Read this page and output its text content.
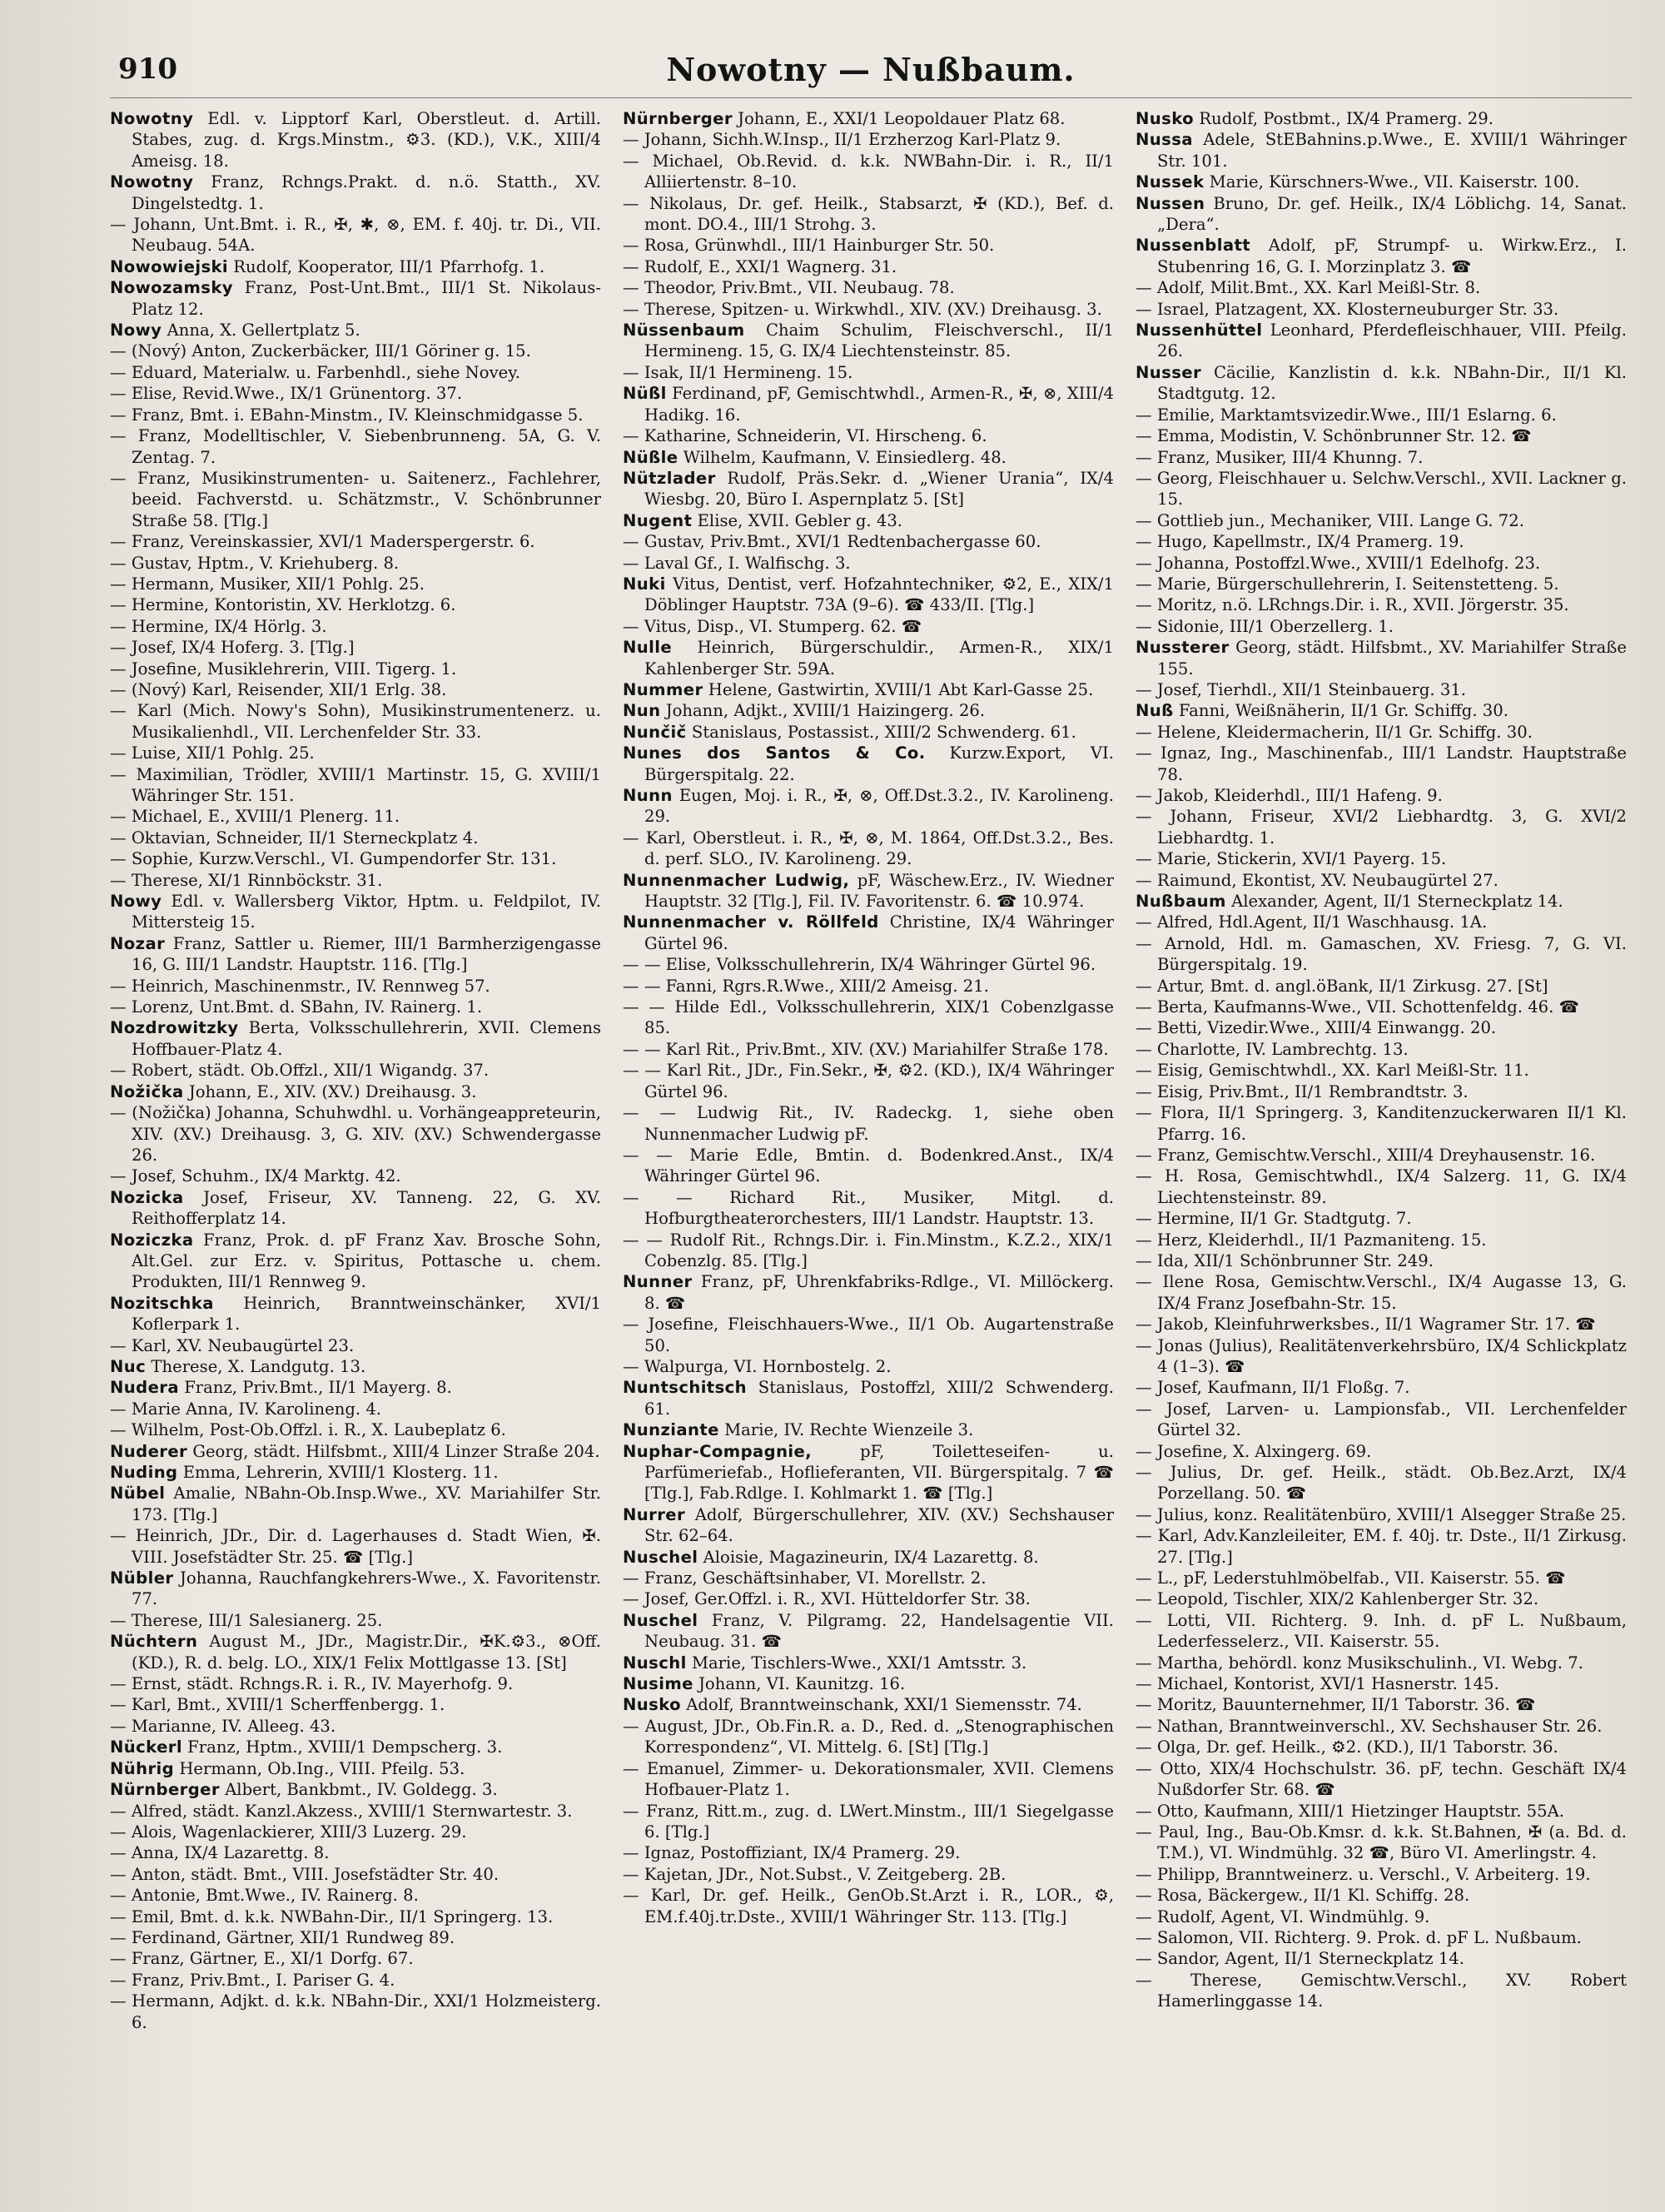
910	Nowotny — Nußbaum.

Nowotny Edl. v. Lipptorf Karl, Oberstleut. d. Artill. Stabes, zug. d. Krgs.Minstm., ⚙3. (KD.), V.K., XIII/4 Ameisg. 18.

Nowotny Franz, Rchngs.Prakt. d. n.ö. Statth., XV. Dingelstedtg. 1.

— Johann, Unt.Bmt. i. R., ✠, ✱, ⊗, EM. f. 40j. tr. Di., VII. Neubaug. 54A.

Nowowiejski Rudolf, Kooperator, III/1 Pfarrhofg. 1.

Nowozamsky Franz, Post-Unt.Bmt., III/1 St. Nikolaus-Platz 12.

Nowy Anna, X. Gellertplatz 5.

— (Nový) Anton, Zuckerbäcker, III/1 Göriner g. 15.

— Eduard, Materialw. u. Farbenhdl., siehe Novey.

— Elise, Revid.Wwe., IX/1 Grünentorg. 37.

— Franz, Bmt. i. EBahn-Minstm., IV. Kleinschmidgasse 5.

— Franz, Modelltischler, V. Siebenbrunneng. 5A, G. V. Zentag. 7.

— Franz, Musikinstrumenten- u. Saitenerz., Fachlehrer, beeid. Fachverstd. u. Schätzmstr., V. Schönbrunner Straße 58. [Tlg.]

— Franz, Vereinskassier, XVI/1 Maderspergerstr. 6.

— Gustav, Hptm., V. Kriehuberg. 8.

— Hermann, Musiker, XII/1 Pohlg. 25.

— Hermine, Kontoristin, XV. Herklotzg. 6.

— Hermine, IX/4 Hörlg. 3.

— Josef, IX/4 Hoferg. 3. [Tlg.]

— Josefine, Musiklehrerin, VIII. Tigerg. 1.

— (Nový) Karl, Reisender, XII/1 Erlg. 38.

— Karl (Mich. Nowy's Sohn), Musikinstrumentenerz. u. Musikalienhdl., VII. Lerchenfelder Str. 33.

— Luise, XII/1 Pohlg. 25.

— Maximilian, Trödler, XVIII/1 Martinstr. 15, G. XVIII/1 Währinger Str. 151.

— Michael, E., XVIII/1 Plenerg. 11.

— Oktavian, Schneider, II/1 Sterneckplatz 4.

— Sophie, Kurzw.Verschl., VI. Gumpendorfer Str. 131.

— Therese, XI/1 Rinnböckstr. 31.

Nowy Edl. v. Wallersberg Viktor, Hptm. u. Feldpilot, IV. Mittersteig 15.

Nozar Franz, Sattler u. Riemer, III/1 Barmherzigengasse 16, G. III/1 Landstr. Hauptstr. 116. [Tlg.]

— Heinrich, Maschinenmstr., IV. Rennweg 57.

— Lorenz, Unt.Bmt. d. SBahn, IV. Rainerg. 1.

Nozdrowitzky Berta, Volksschullehrerin, XVII. Clemens Hoffbauer-Platz 4.

— Robert, städt. Ob.Offzl., XII/1 Wigandg. 37.

Nožička Johann, E., XIV. (XV.) Dreihausg. 3.

— (Nožička) Johanna, Schuhwdhl. u. Vorhängeappreteurin, XIV. (XV.) Dreihausg. 3, G. XIV. (XV.) Schwendergasse 26.

— Josef, Schuhm., IX/4 Marktg. 42.

Nozicka Josef, Friseur, XV. Tanneng. 22, G. XV. Reithofferplatz 14.

Noziczka Franz, Prok. d. pF Franz Xav. Brosche Sohn, Alt.Gel. zur Erz. v. Spiritus, Pottasche u. chem. Produkten, III/1 Rennweg 9.

Nozitschka Heinrich, Branntweinschänker, XVI/1 Koflerpark 1.

— Karl, XV. Neubaugürtel 23.

Nuc Therese, X. Landgutg. 13.

Nudera Franz, Priv.Bmt., II/1 Mayerg. 8.

— Marie Anna, IV. Karolineng. 4.

— Wilhelm, Post-Ob.Offzl. i. R., X. Laubeplatz 6.

Nuderer Georg, städt. Hilfsbmt., XIII/4 Linzer Straße 204.

Nuding Emma, Lehrerin, XVIII/1 Klosterg. 11.

Nübel Amalie, NBahn-Ob.Insp.Wwe., XV. Mariahilfer Str. 173. [Tlg.]

— Heinrich, JDr., Dir. d. Lagerhauses d. Stadt Wien, ✠. VIII. Josefstädter Str. 25. ☎ [Tlg.]

Nübler Johanna, Rauchfangkehrers-Wwe., X. Favoritenstr. 77.

— Therese, III/1 Salesianerg. 25.

Nüchtern August M., JDr., Magistr.Dir., ✠K.⚙3., ⊗Off.(KD.), R. d. belg. LO., XIX/1 Felix Mottlgasse 13. [St]

— Ernst, städt. Rchngs.R. i. R., IV. Mayerhofg. 9.

— Karl, Bmt., XVIII/1 Scherffenbergg. 1.

— Marianne, IV. Alleeg. 43.

Nückerl Franz, Hptm., XVIII/1 Dempscherg. 3.

Nührig Hermann, Ob.Ing., VIII. Pfeilg. 53.

Nürnberger Albert, Bankbmt., IV. Goldegg. 3.

— Alfred, städt. Kanzl.Akzess., XVIII/1 Sternwartestr. 3.

— Alois, Wagenlackierer, XIII/3 Luzerg. 29.

— Anna, IX/4 Lazarettg. 8.

— Anton, städt. Bmt., VIII. Josefstädter Str. 40.

— Antonie, Bmt.Wwe., IV. Rainerg. 8.

— Emil, Bmt. d. k.k. NWBahn-Dir., II/1 Springerg. 13.

— Ferdinand, Gärtner, XII/1 Rundweg 89.

— Franz, Gärtner, E., XI/1 Dorfg. 67.

— Franz, Priv.Bmt., I. Pariser G. 4.

— Hermann, Adjkt. d. k.k. NBahn-Dir., XXI/1 Holzmeisterg. 6.

Nürnberger Johann, E., XXI/1 Leopoldauer Platz 68.

— Johann, Sichh.W.Insp., II/1 Erzherzog Karl-Platz 9.

— Michael, Ob.Revid. d. k.k. NWBahn-Dir. i. R., II/1 Alliiertenstr. 8–10.

— Nikolaus, Dr. gef. Heilk., Stabsarzt, ✠ (KD.), Bef. d. mont. DO.4., III/1 Strohg. 3.

— Rosa, Grünwhdl., III/1 Hainburger Str. 50.

— Rudolf, E., XXI/1 Wagnerg. 31.

— Theodor, Priv.Bmt., VII. Neubaug. 78.

— Therese, Spitzen- u. Wirkwhdl., XIV. (XV.) Dreihausg. 3.

Nüssenbaum Chaim Schulim, Fleischverschl., II/1 Hermineng. 15, G. IX/4 Liechtensteinstr. 85.

— Isak, II/1 Hermineng. 15.

Nüßl Ferdinand, pF, Gemischtwhdl., Armen-R., ✠, ⊗, XIII/4 Hadikg. 16.

— Katharine, Schneiderin, VI. Hirscheng. 6.

Nüßle Wilhelm, Kaufmann, V. Einsiedlerg. 48.

Nützlader Rudolf, Präs.Sekr. d. „Wiener Urania“, IX/4 Wiesbg. 20, Büro I. Aspernplatz 5. [St]

Nugent Elise, XVII. Gebler g. 43.

— Gustav, Priv.Bmt., XVI/1 Redtenbachergasse 60.

— Laval Gf., I. Walfischg. 3.

Nuki Vitus, Dentist, verf. Hofzahntechniker, ⚙2, E., XIX/1 Döblinger Hauptstr. 73A (9–6). ☎ 433/II. [Tlg.]

— Vitus, Disp., VI. Stumperg. 62. ☎

Nulle Heinrich, Bürgerschuldir., Armen-R., XIX/1 Kahlenberger Str. 59A.

Nummer Helene, Gastwirtin, XVIII/1 Abt Karl-Gasse 25.

Nun Johann, Adjkt., XVIII/1 Haizingerg. 26.

Nunčič Stanislaus, Postassist., XIII/2 Schwenderg. 61.

Nunes dos Santos & Co. Kurzw.Export, VI. Bürgerspitalg. 22.

Nunn Eugen, Moj. i. R., ✠, ⊗, Off.Dst.3.2., IV. Karolineng. 29.

— Karl, Oberstleut. i. R., ✠, ⊗, M. 1864, Off.Dst.3.2., Bes. d. perf. SLO., IV. Karolineng. 29.

Nunnenmacher Ludwig, pF, Wäschew.Erz., IV. Wiedner Hauptstr. 32 [Tlg.], Fil. IV. Favoritenstr. 6. ☎ 10.974.

Nunnenmacher v. Röllfeld Christine, IX/4 Währinger Gürtel 96.

— — Elise, Volksschullehrerin, IX/4 Währinger Gürtel 96.

— — Fanni, Rgrs.R.Wwe., XIII/2 Ameisg. 21.

— — Hilde Edl., Volksschullehrerin, XIX/1 Cobenzlgasse 85.

— — Karl Rit., Priv.Bmt., XIV. (XV.) Mariahilfer Straße 178.

— — Karl Rit., JDr., Fin.Sekr., ✠, ⚙2. (KD.), IX/4 Währinger Gürtel 96.

— — Ludwig Rit., IV. Radeckg. 1, siehe oben Nunnenmacher Ludwig pF.

— — Marie Edle, Bmtin. d. Bodenkred.Anst., IX/4 Währinger Gürtel 96.

— — Richard Rit., Musiker, Mitgl. d. Hofburgtheaterorchesters, III/1 Landstr. Hauptstr. 13.

— — Rudolf Rit., Rchngs.Dir. i. Fin.Minstm., K.Z.2., XIX/1 Cobenzlg. 85. [Tlg.]

Nunner Franz, pF, Uhrenkfabriks-Rdlge., VI. Millöckerg. 8. ☎

— Josefine, Fleischhauers-Wwe., II/1 Ob. Augartenstraße 50.

— Walpurga, VI. Hornbostelg. 2.

Nuntschitsch Stanislaus, Postoffzl, XIII/2 Schwenderg. 61.

Nunziante Marie, IV. Rechte Wienzeile 3.

Nuphar-Compagnie,	pF, Toiletteseifen- u. Parfümeriefab., Hoflieferanten, VII. Bürgerspitalg. 7 ☎ [Tlg.], Fab.Rdlge. I. Kohlmarkt 1. ☎ [Tlg.]

Nurrer Adolf, Bürgerschullehrer, XIV. (XV.) Sechshauser Str. 62–64.

Nuschel Aloisie, Magazineurin, IX/4 Lazarettg. 8.

— Franz, Geschäftsinhaber, VI. Morellstr. 2.

— Josef, Ger.Offzl. i. R., XVI. Hütteldorfer Str. 38.

Nuschel Franz, V. Pilgramg. 22, Handelsagentie VII. Neubaug. 31. ☎

Nuschl Marie, Tischlers-Wwe., XXI/1 Amtsstr. 3.

Nusime Johann, VI. Kaunitzg. 16.

Nusko Adolf, Branntweinschank, XXI/1 Siemensstr. 74.

— August, JDr., Ob.Fin.R. a. D., Red. d. „Stenographischen Korrespondenz“, VI. Mittelg. 6. [St] [Tlg.]

— Emanuel, Zimmer- u. Dekorationsmaler, XVII. Clemens Hofbauer-Platz 1.

— Franz, Ritt.m., zug. d. LWert.Minstm., III/1 Siegelgasse 6. [Tlg.]

— Ignaz, Postoffiziant, IX/4 Pramerg. 29.

— Kajetan, JDr., Not.Subst., V. Zeitgeberg. 2B.

— Karl, Dr. gef. Heilk., GenOb.St.Arzt i. R., LOR., ⚙, EM.f.40j.tr.Dste., XVIII/1 Währinger Str. 113. [Tlg.]

Nusko Rudolf, Postbmt., IX/4 Pramerg. 29.

Nussa Adele, StEBahnins.p.Wwe., E. XVIII/1 Währinger Str. 101.

Nussek Marie, Kürschners-Wwe., VII. Kaiserstr. 100.

Nussen Bruno, Dr. gef. Heilk., IX/4 Löblichg. 14, Sanat. „Dera“.

Nussenblatt Adolf, pF, Strumpf- u. Wirkw.Erz., I. Stubenring 16, G. I. Morzinplatz 3. ☎

— Adolf, Milit.Bmt., XX. Karl Meißl-Str. 8.

— Israel, Platzagent, XX. Klosterneuburger Str. 33.

Nussenhüttel Leonhard, Pferdefleischhauer, VIII. Pfeilg. 26.

Nusser Cäcilie, Kanzlistin d. k.k. NBahn-Dir., II/1 Kl. Stadtgutg. 12.

— Emilie, Marktamtsvizedir.Wwe., III/1 Eslarng. 6.

— Emma, Modistin, V. Schönbrunner Str. 12. ☎

— Franz, Musiker, III/4 Khunng. 7.

— Georg, Fleischhauer u. Selchw.Verschl., XVII. Lackner g. 15.

— Gottlieb jun., Mechaniker, VIII. Lange G. 72.

— Hugo, Kapellmstr., IX/4 Pramerg. 19.

— Johanna, Postoffzl.Wwe., XVIII/1 Edelhofg. 23.

— Marie, Bürgerschullehrerin, I. Seitenstetteng. 5.

— Moritz, n.ö. LRchngs.Dir. i. R., XVII. Jörgerstr. 35.

— Sidonie, III/1 Oberzellerg. 1.

Nussterer Georg, städt. Hilfsbmt., XV. Mariahilfer Straße 155.

— Josef, Tierhdl., XII/1 Steinbauerg. 31.

Nuß Fanni, Weißnäherin, II/1 Gr. Schiffg. 30.

— Helene, Kleidermacherin, II/1 Gr. Schiffg. 30.

— Ignaz, Ing., Maschinenfab., III/1 Landstr. Hauptstraße 78.

— Jakob, Kleiderhdl., III/1 Hafeng. 9.

— Johann, Friseur, XVI/2 Liebhardtg. 3, G. XVI/2 Liebhardtg. 1.

— Marie, Stickerin, XVI/1 Payerg. 15.

— Raimund, Ekontist, XV. Neubaugürtel 27.

Nußbaum Alexander, Agent, II/1 Sterneckplatz 14.

— Alfred, Hdl.Agent, II/1 Waschhausg. 1A.

— Arnold, Hdl. m. Gamaschen, XV. Friesg. 7, G. VI. Bürgerspitalg. 19.

— Artur, Bmt. d. angl.öBank, II/1 Zirkusg. 27. [St]

— Berta, Kaufmanns-Wwe., VII. Schottenfeldg. 46. ☎

— Betti, Vizedir.Wwe., XIII/4 Einwangg. 20.

— Charlotte, IV. Lambrechtg. 13.

— Eisig, Gemischtwhdl., XX. Karl Meißl-Str. 11.

— Eisig, Priv.Bmt., II/1 Rembrandtstr. 3.

— Flora, II/1 Springerg. 3, Kanditenzuckerwaren II/1 Kl. Pfarrg. 16.

— Franz, Gemischtw.Verschl., XIII/4 Dreyhausenstr. 16.

— H. Rosa, Gemischtwhdl., IX/4 Salzerg. 11, G. IX/4 Liechtensteinstr. 89.

— Hermine, II/1 Gr. Stadtgutg. 7.

— Herz, Kleiderhdl., II/1 Pazmaniteng. 15.

— Ida, XII/1 Schönbrunner Str. 249.

— Ilene Rosa, Gemischtw.Verschl., IX/4 Augasse 13, G. IX/4 Franz Josefbahn-Str. 15.

— Jakob, Kleinfuhrwerksbes., II/1 Wagramer Str. 17. ☎

— Jonas (Julius), Realitätenverkehrsbüro, IX/4 Schlickplatz 4 (1–3). ☎

— Josef, Kaufmann, II/1 Floßg. 7.

— Josef, Larven- u. Lampionsfab., VII. Lerchenfelder Gürtel 32.

— Josefine, X. Alxingerg. 69.

— Julius, Dr. gef. Heilk., städt. Ob.Bez.Arzt, IX/4 Porzellang. 50. ☎

— Julius, konz. Realitätenbüro, XVIII/1 Alsegger Straße 25.

— Karl, Adv.Kanzleileiter, EM. f. 40j. tr. Dste., II/1 Zirkusg. 27. [Tlg.]

— L., pF, Lederstuhlmöbelfab., VII. Kaiserstr. 55. ☎

— Leopold, Tischler, XIX/2 Kahlenberger Str. 32.

— Lotti, VII. Richterg. 9. Inh. d. pF L. Nußbaum, Lederfesselerz., VII. Kaiserstr. 55.

— Martha, behördl. konz Musikschulinh., VI. Webg. 7.

— Michael, Kontorist, XVI/1 Hasnerstr. 145.

— Moritz, Bauunternehmer, II/1 Taborstr. 36. ☎

— Nathan, Branntweinverschl., XV. Sechshauser Str. 26.

— Olga, Dr. gef. Heilk., ⚙2. (KD.), II/1 Taborstr. 36.

— Otto, XIX/4 Hochschulstr. 36. pF, techn. Geschäft IX/4 Nußdorfer Str. 68. ☎

— Otto, Kaufmann, XIII/1 Hietzinger Hauptstr. 55A.

— Paul, Ing., Bau-Ob.Kmsr. d. k.k. St.Bahnen, ✠ (a. Bd. d. T.M.), VI. Windmühlg. 32 ☎, Büro VI. Amerlingstr. 4.

— Philipp, Branntweinerz. u. Verschl., V. Arbeiterg. 19.

— Rosa, Bäckergew., II/1 Kl. Schiffg. 28.

— Rudolf, Agent, VI. Windmühlg. 9.

— Salomon, VII. Richterg. 9. Prok. d. pF L. Nußbaum.

— Sandor, Agent, II/1 Sterneckplatz 14.

— Therese, Gemischtw.Verschl., XV. Robert Hamerlinggasse 14.
